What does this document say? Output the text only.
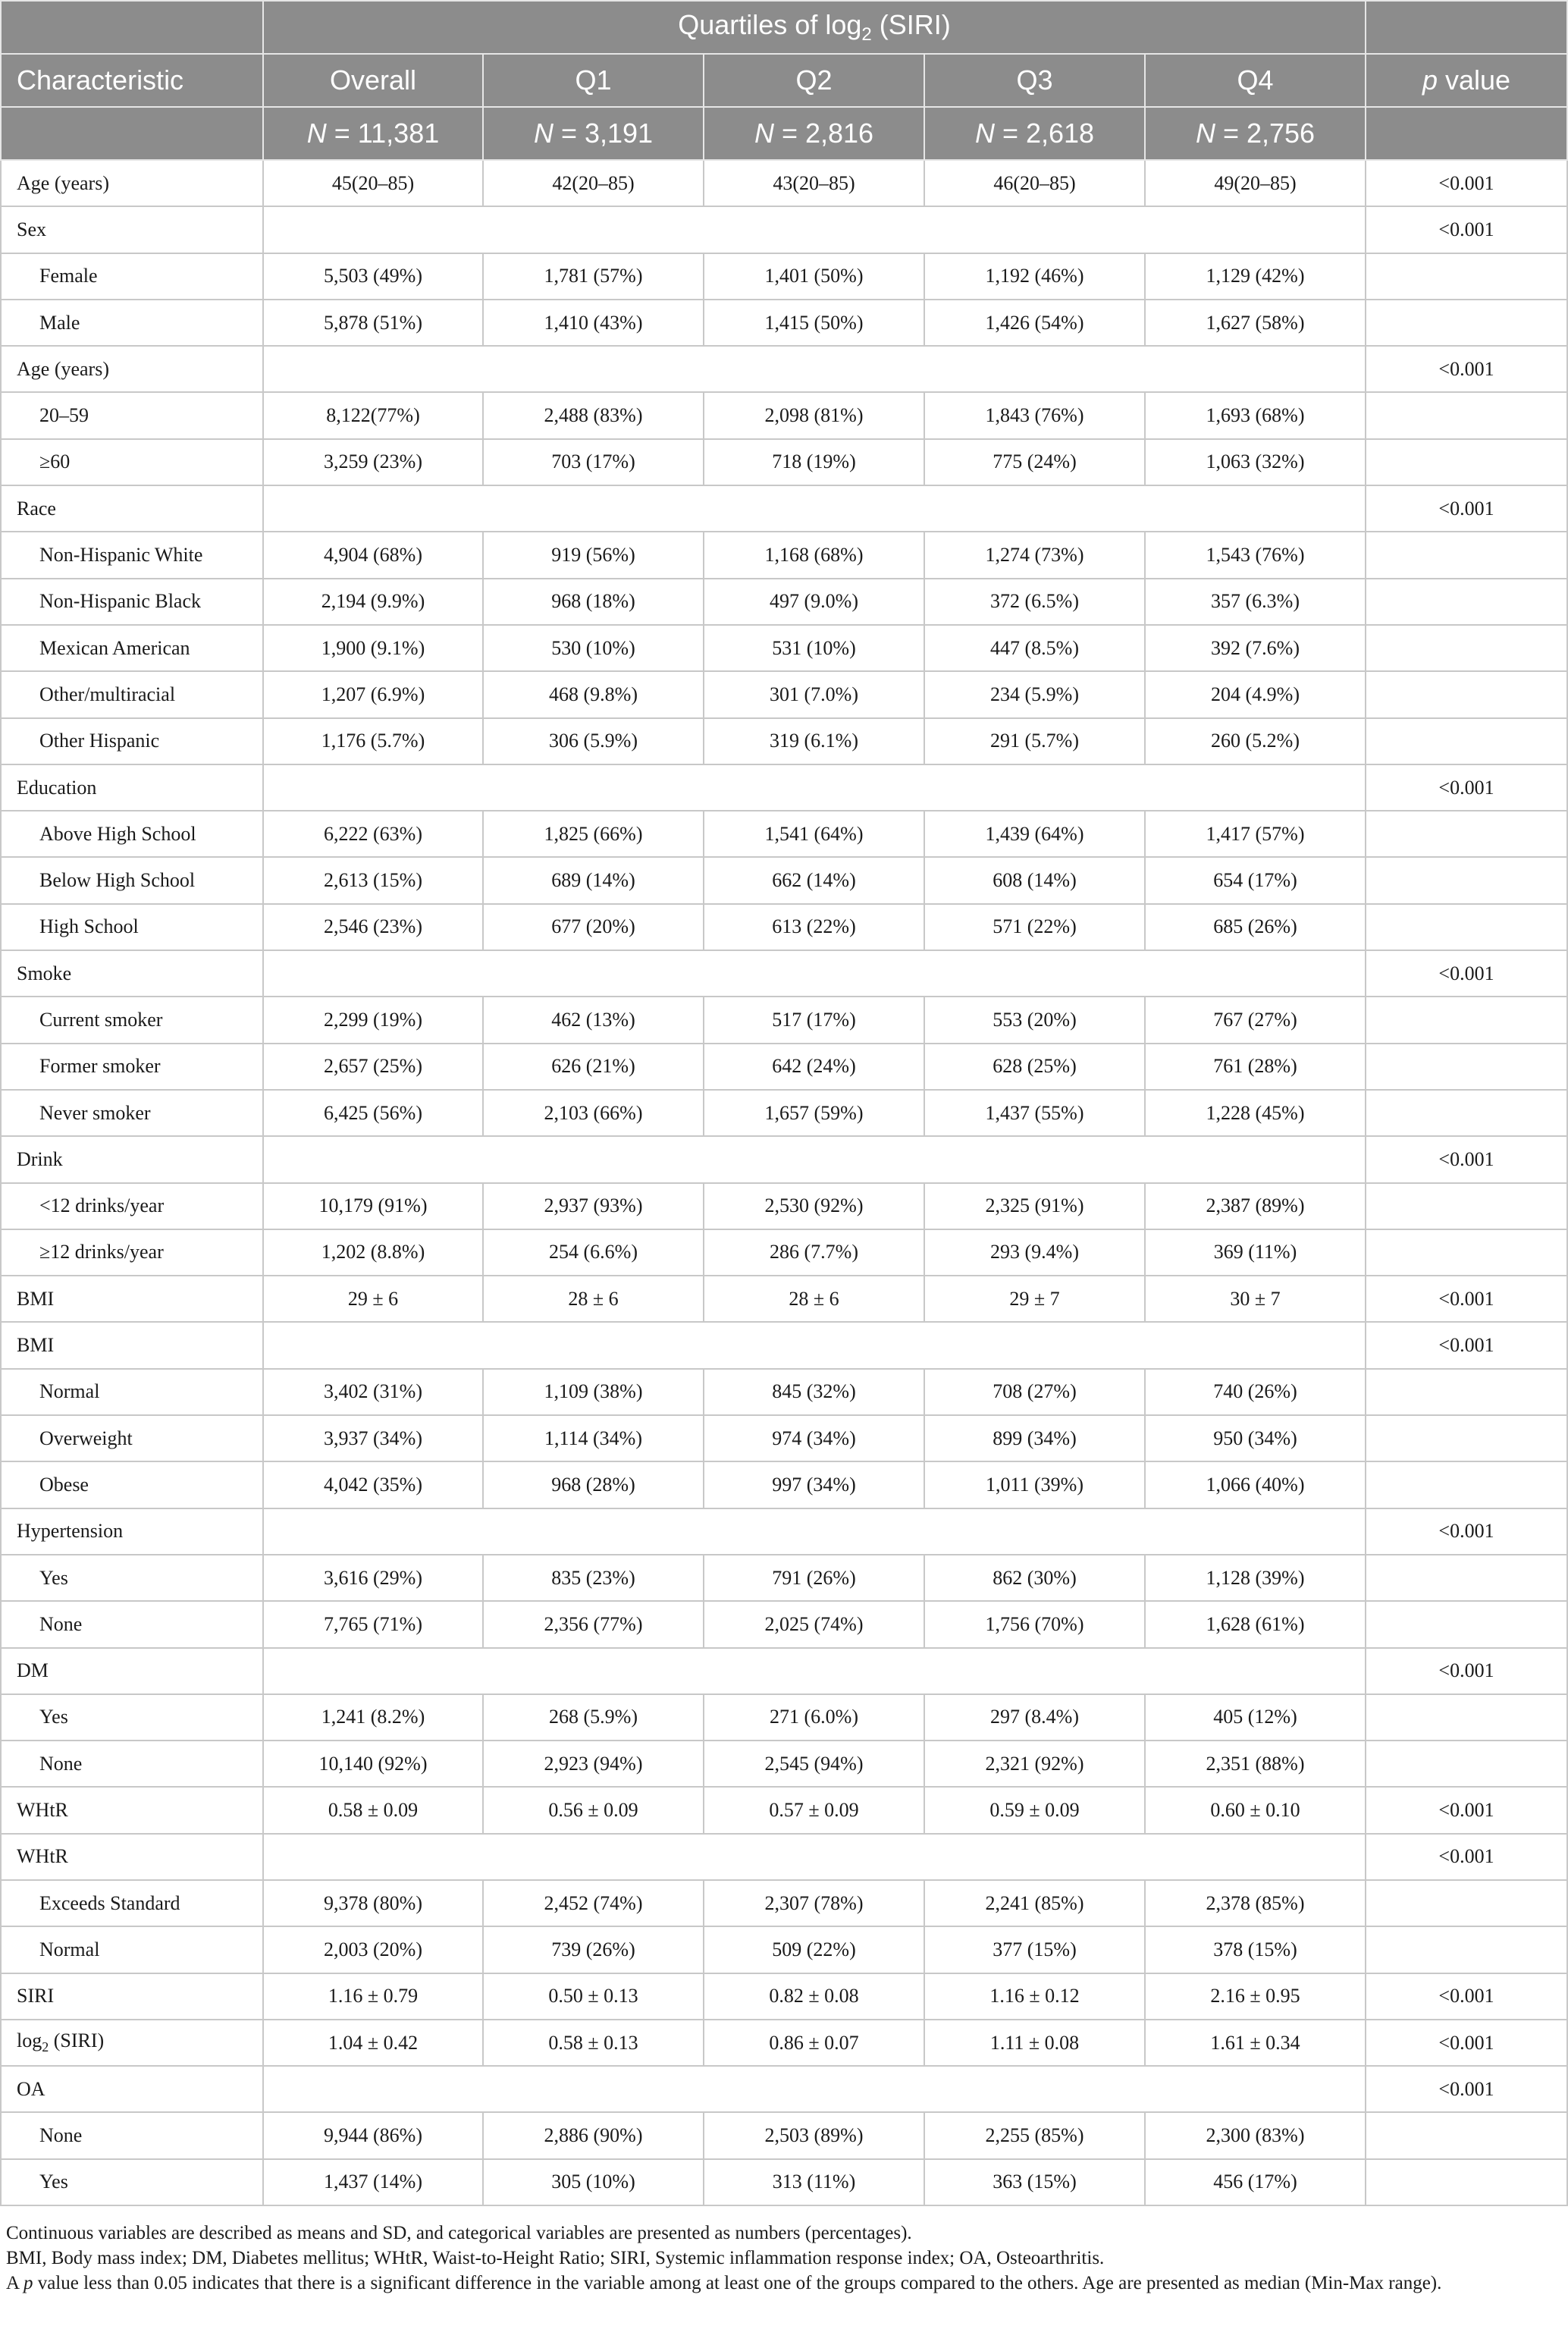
	Quartiles of $\log_2$ (SIRI)					
Characteristic	Overall	Q1	Q2	Q3	Q4	p value
	N = 11,381	N = 3,191	N = 2,816	N = 2,618	N = 2,756	
Age (years)	45(20–85)	42(20–85)	43(20–85)	46(20–85)	49(20–85)	<0.001
Sex						<0.001
Female	5,503 (49%)	1,781 (57%)	1,401 (50%)	1,192 (46%)	1,129 (42%)	
Male	5,878 (51%)	1,410 (43%)	1,415 (50%)	1,426 (54%)	1,627 (58%)	
Age (years)						<0.001
20–59	8,122(77%)	2,488 (83%)	2,098 (81%)	1,843 (76%)	1,693 (68%)	
≥60	3,259 (23%)	703 (17%)	718 (19%)	775 (24%)	1,063 (32%)	
Race						<0.001
Non-Hispanic White	4,904 (68%)	919 (56%)	1,168 (68%)	1,274 (73%)	1,543 (76%)	
Non-Hispanic Black	2,194 (9.9%)	968 (18%)	497 (9.0%)	372 (6.5%)	357 (6.3%)	
Mexican American	1,900 (9.1%)	530 (10%)	531 (10%)	447 (8.5%)	392 (7.6%)	
Other/multiracial	1,207 (6.9%)	468 (9.8%)	301 (7.0%)	234 (5.9%)	204 (4.9%)	
Other Hispanic	1,176 (5.7%)	306 (5.9%)	319 (6.1%)	291 (5.7%)	260 (5.2%)	
Education						<0.001
Above High School	6,222 (63%)	1,825 (66%)	1,541 (64%)	1,439 (64%)	1,417 (57%)	
Below High School	2,613 (15%)	689 (14%)	662 (14%)	608 (14%)	654 (17%)	
High School	2,546 (23%)	677 (20%)	613 (22%)	571 (22%)	685 (26%)	
Smoke						<0.001
Current smoker	2,299 (19%)	462 (13%)	517 (17%)	553 (20%)	767 (27%)	
Former smoker	2,657 (25%)	626 (21%)	642 (24%)	628 (25%)	761 (28%)	
Never smoker	6,425 (56%)	2,103 (66%)	1,657 (59%)	1,437 (55%)	1,228 (45%)	
Drink						<0.001
<12 drinks/year	10,179 (91%)	2,937 (93%)	2,530 (92%)	2,325 (91%)	2,387 (89%)	
≥12 drinks/year	1,202 (8.8%)	254 (6.6%)	286 (7.7%)	293 (9.4%)	369 (11%)	
BMI	29 ± 6	28 ± 6	28 ± 6	29 ± 7	30 ± 7	<0.001
BMI						<0.001
Normal	3,402 (31%)	1,109 (38%)	845 (32%)	708 (27%)	740 (26%)	
Overweight	3,937 (34%)	1,114 (34%)	974 (34%)	899 (34%)	950 (34%)	
Obese	4,042 (35%)	968 (28%)	997 (34%)	1,011 (39%)	1,066 (40%)	
Hypertension						<0.001
Yes	3,616 (29%)	835 (23%)	791 (26%)	862 (30%)	1,128 (39%)	
None	7,765 (71%)	2,356 (77%)	2,025 (74%)	1,756 (70%)	1,628 (61%)	
DM						<0.001
Yes	1,241 (8.2%)	268 (5.9%)	271 (6.0%)	297 (8.4%)	405 (12%)	
None	10,140 (92%)	2,923 (94%)	2,545 (94%)	2,321 (92%)	2,351 (88%)	
WHtR	0.58 ± 0.09	0.56 ± 0.09	0.57 ± 0.09	0.59 ± 0.09	0.60 ± 0.10	<0.001
WHtR						<0.001
Exceeds Standard	9,378 (80%)	2,452 (74%)	2,307 (78%)	2,241 (85%)	2,378 (85%)	
Normal	2,003 (20%)	739 (26%)	509 (22%)	377 (15%)	378 (15%)	
SIRI	1.16 ± 0.79	0.50 ± 0.13	0.82 ± 0.08	1.16 ± 0.12	2.16 ± 0.95	<0.001
$\log_2$ (SIRI)	1.04 ± 0.42	0.58 ± 0.13	0.86 ± 0.07	1.11 ± 0.08	1.61 ± 0.34	<0.001
OA						<0.001
None	9,944 (86%)	2,886 (90%)	2,503 (89%)	2,255 (85%)	2,300 (83%)	
Yes	1,437 (14%)	305 (10%)	313 (11%)	363 (15%)	456 (17%)	

Continuous variables are described as means and SD, and categorical variables are presented as numbers (percentages).

BMI, Body mass index; DM, Diabetes mellitus; WHtR, Waist-to-Height Ratio; SIRI, Systemic inflammation response index; OA, Osteoarthritis.

A p value less than 0.05 indicates that there is a significant difference in the variable among at least one of the groups compared to the others. Age are presented as median (Min-Max range).
